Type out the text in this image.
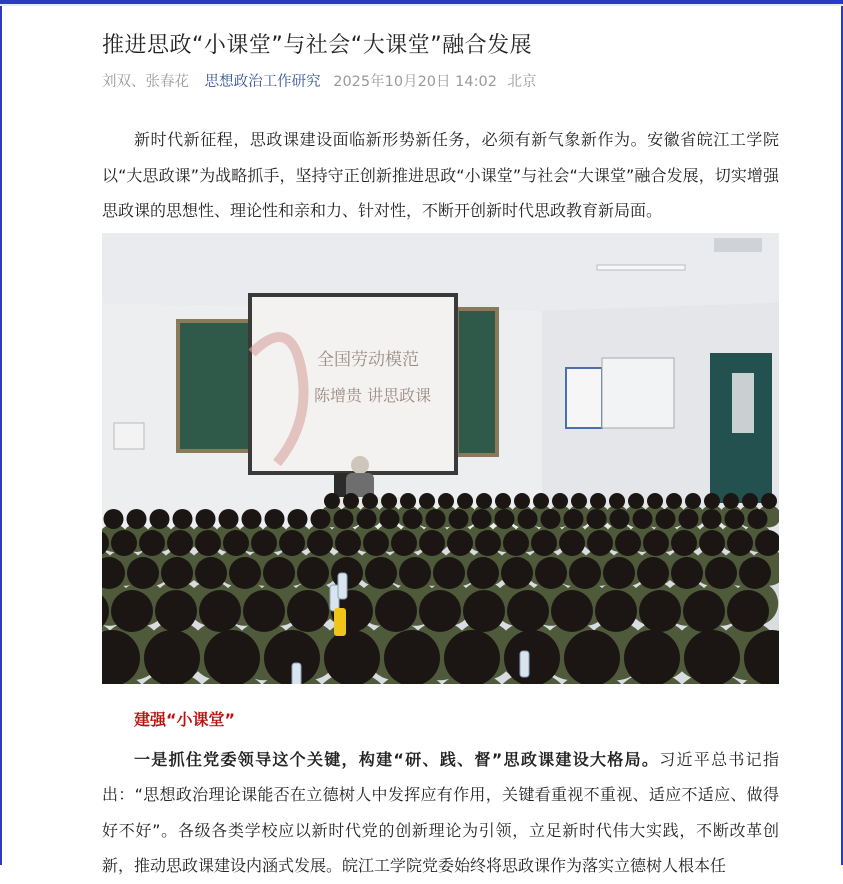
推进思政“小课堂”与社会“大课堂”融合发展
刘双、张春花 思想政治工作研究 2025年10月20日 14:02 北京

新时代新征程，思政课建设面临新形势新任务，必须有新气象新作为。安徽省皖江工学院以“大思政课”为战略抓手，坚持守正创新推进思政“小课堂”与社会“大课堂”融合发展，切实增强思政课的思想性、理论性和亲和力、针对性，不断开创新时代思政教育新局面。

全国劳动模范
陈增贵 讲思政课
建强“小课堂”

一是抓住党委领导这个关键，构建“研、践、督”思政课建设大格局。习近平总书记指出：“思想政治理论课能否在立德树人中发挥应有作用，关键看重视不重视、适应不适应、做得好不好”。各级各类学校应以新时代党的创新理论为引领，立足新时代伟大实践，不断改革创新，推动思政课建设内涵式发展。皖江工学院党委始终将思政课作为落实立德树人根本任
